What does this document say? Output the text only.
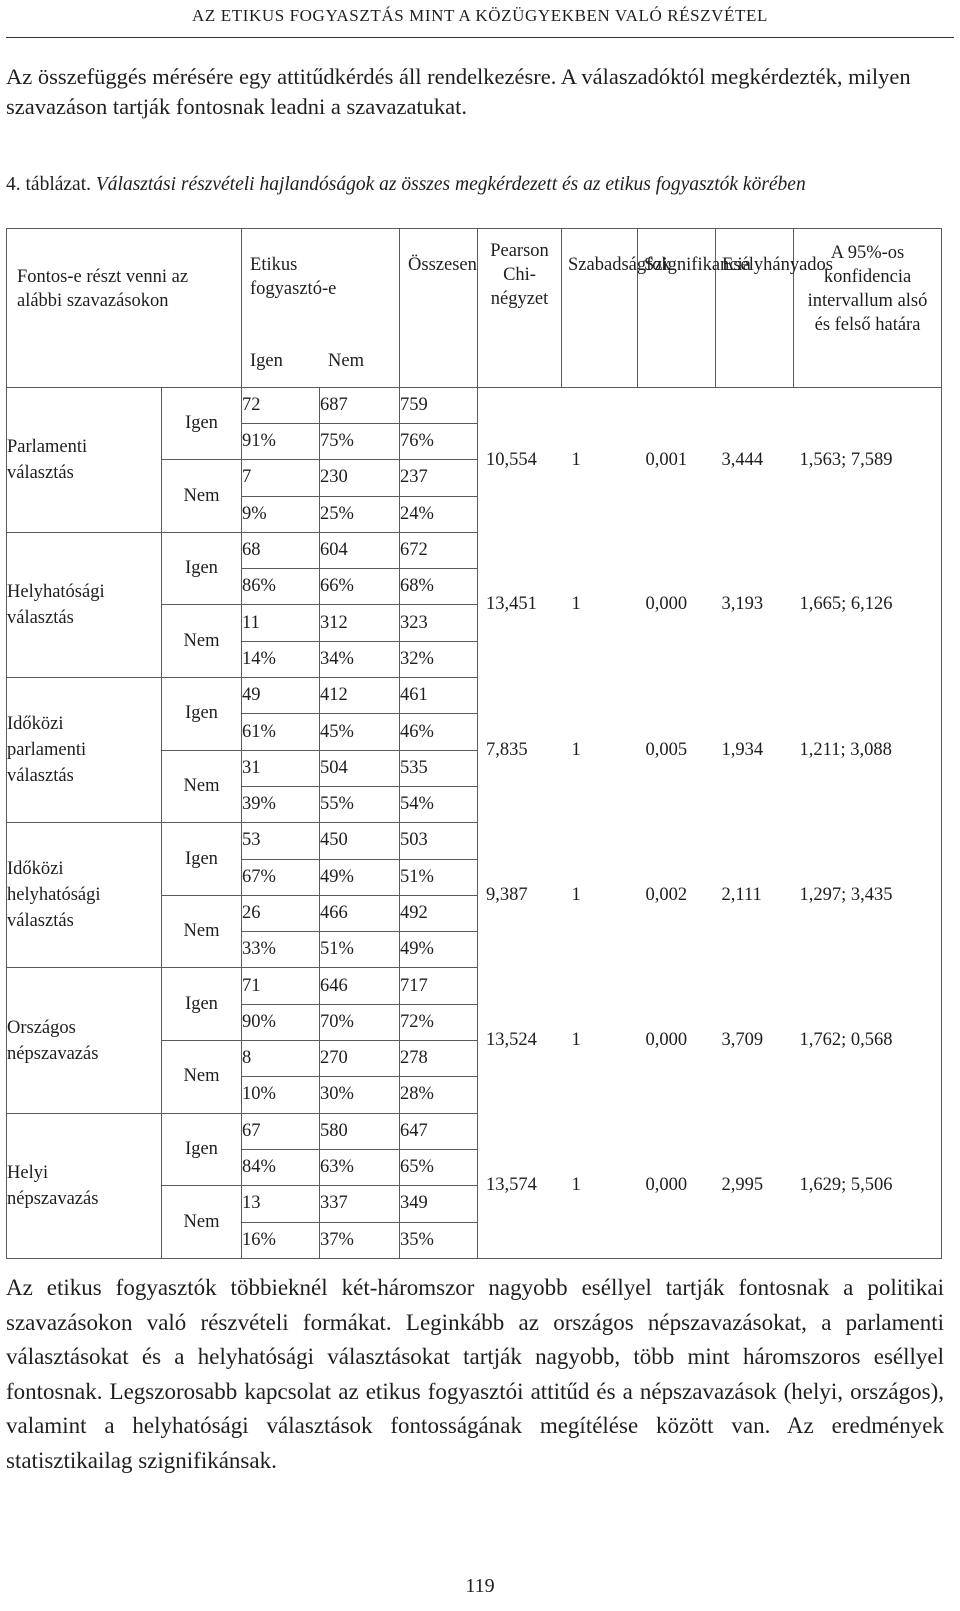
AZ ETIKUS FOGYASZTÁS MINT A KÖZÜGYEKBEN VALÓ RÉSZVÉTEL
Az összefüggés mérésére egy attitűdkérdés áll rendelkezésre. A válaszadóktól megkérdezték, milyen szavazáson tartják fontosnak leadni a szavazatukat.
4. táblázat. Választási részvételi hajlandóságok az összes megkérdezett és az etikus fogyasztók körében
Fontos-e részt venni az alábbi szavazásokon		Etikus fogyasztó-e
Igen Nem		Összesen	Pearson Chi-négyzet	Szabadságfok	Szignifikancia	Esélyhányados	A 95%-os konfidencia intervallum alsó és felső határa
Parlamenti választás	Igen	72	687	759	10,554	1	0,001	3,444	1,563; 7,589
		91%	75%	76%					
	Nem	7	230	237					
		9%	25%	24%					
Helyhatósági választás	Igen	68	604	672	13,451	1	0,000	3,193	1,665; 6,126
		86%	66%	68%					
	Nem	11	312	323					
		14%	34%	32%					
Időközi parlamenti választás	Igen	49	412	461	7,835	1	0,005	1,934	1,211; 3,088
		61%	45%	46%					
	Nem	31	504	535					
		39%	55%	54%					
Időközi helyhatósági választás	Igen	53	450	503	9,387	1	0,002	2,111	1,297; 3,435
		67%	49%	51%					
	Nem	26	466	492					
		33%	51%	49%					
Országos népszavazás	Igen	71	646	717	13,524	1	0,000	3,709	1,762; 0,568
		90%	70%	72%					
	Nem	8	270	278					
		10%	30%	28%					
Helyi népszavazás	Igen	67	580	647	13,574	1	0,000	2,995	1,629; 5,506
		84%	63%	65%					
	Nem	13	337	349					
		16%	37%	35%					
Az etikus fogyasztók többieknél két-háromszor nagyobb eséllyel tartják fontosnak a politikai szavazásokon való részvételi formákat. Leginkább az országos népszavazásokat, a parlamenti választásokat és a helyhatósági választásokat tartják nagyobb, több mint háromszoros eséllyel fontosnak. Legszorosabb kapcsolat az etikus fogyasztói attitűd és a népszavazások (helyi, országos), valamint a helyhatósági választások fontosságának megítélése között van. Az eredmények statisztikailag szignifikánsak.
119
